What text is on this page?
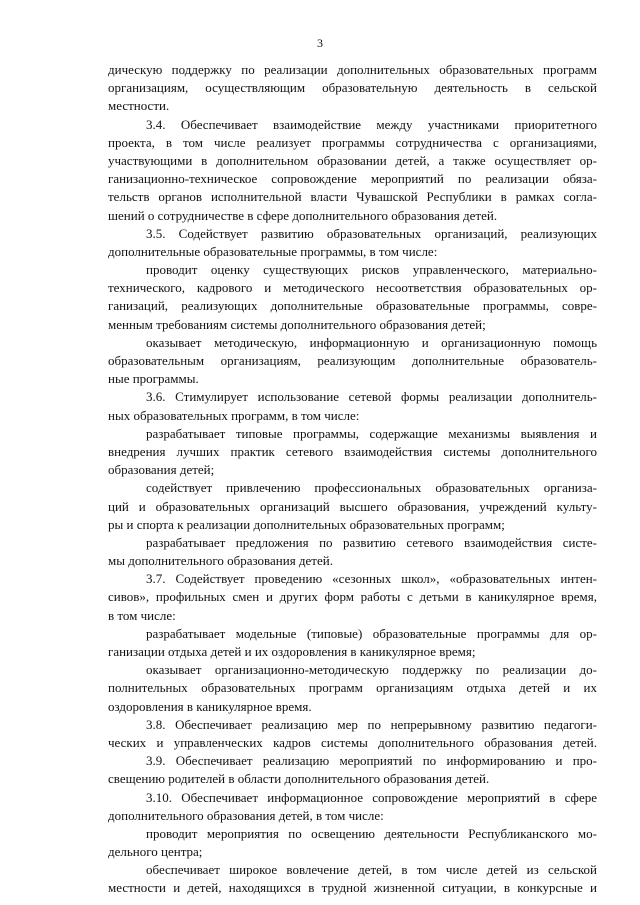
3
дическую поддержку по реализации дополнительных образовательных программ
организациям, осуществляющим образовательную деятельность в сельской
местности.
3.4. Обеспечивает взаимодействие между участниками приоритетного
проекта, в том числе реализует программы сотрудничества с организациями,
участвующими в дополнительном образовании детей, а также осуществляет ор-
ганизационно-техническое сопровождение мероприятий по реализации обяза-
тельств органов исполнительной власти Чувашской Республики в рамках согла-
шений о сотрудничестве в сфере дополнительного образования детей.
3.5. Содействует развитию образовательных организаций, реализующих
дополнительные образовательные программы, в том числе:
проводит оценку существующих рисков управленческого, материально-
технического, кадрового и методического несоответствия образовательных ор-
ганизаций, реализующих дополнительные образовательные программы, совре-
менным требованиям системы дополнительного образования детей;
оказывает методическую, информационную и организационную помощь
образовательным организациям, реализующим дополнительные образователь-
ные программы.
3.6. Стимулирует использование сетевой формы реализации дополнитель-
ных образовательных программ, в том числе:
разрабатывает типовые программы, содержащие механизмы выявления и
внедрения лучших практик сетевого взаимодействия системы дополнительного
образования детей;
содействует привлечению профессиональных образовательных организа-
ций и образовательных организаций высшего образования, учреждений культу-
ры и спорта к реализации дополнительных образовательных программ;
разрабатывает предложения по развитию сетевого взаимодействия систе-
мы дополнительного образования детей.
3.7. Содействует проведению «сезонных школ», «образовательных интен-
сивов», профильных смен и других форм работы с детьми в каникулярное время,
в том числе:
разрабатывает модельные (типовые) образовательные программы для ор-
ганизации отдыха детей и их оздоровления в каникулярное время;
оказывает организационно-методическую поддержку по реализации до-
полнительных образовательных программ организациям отдыха детей и их
оздоровления в каникулярное время.
3.8. Обеспечивает реализацию мер по непрерывному развитию педагоги-
ческих и управленческих кадров системы дополнительного образования детей.
3.9. Обеспечивает реализацию мероприятий по информированию и про-
свещению родителей в области дополнительного образования детей.
3.10. Обеспечивает информационное сопровождение мероприятий в сфере
дополнительного образования детей, в том числе:
проводит мероприятия по освещению деятельности Республиканского мо-
дельного центра;
обеспечивает широкое вовлечение детей, в том числе детей из сельской
местности и детей, находящихся в трудной жизненной ситуации, в конкурсные и
